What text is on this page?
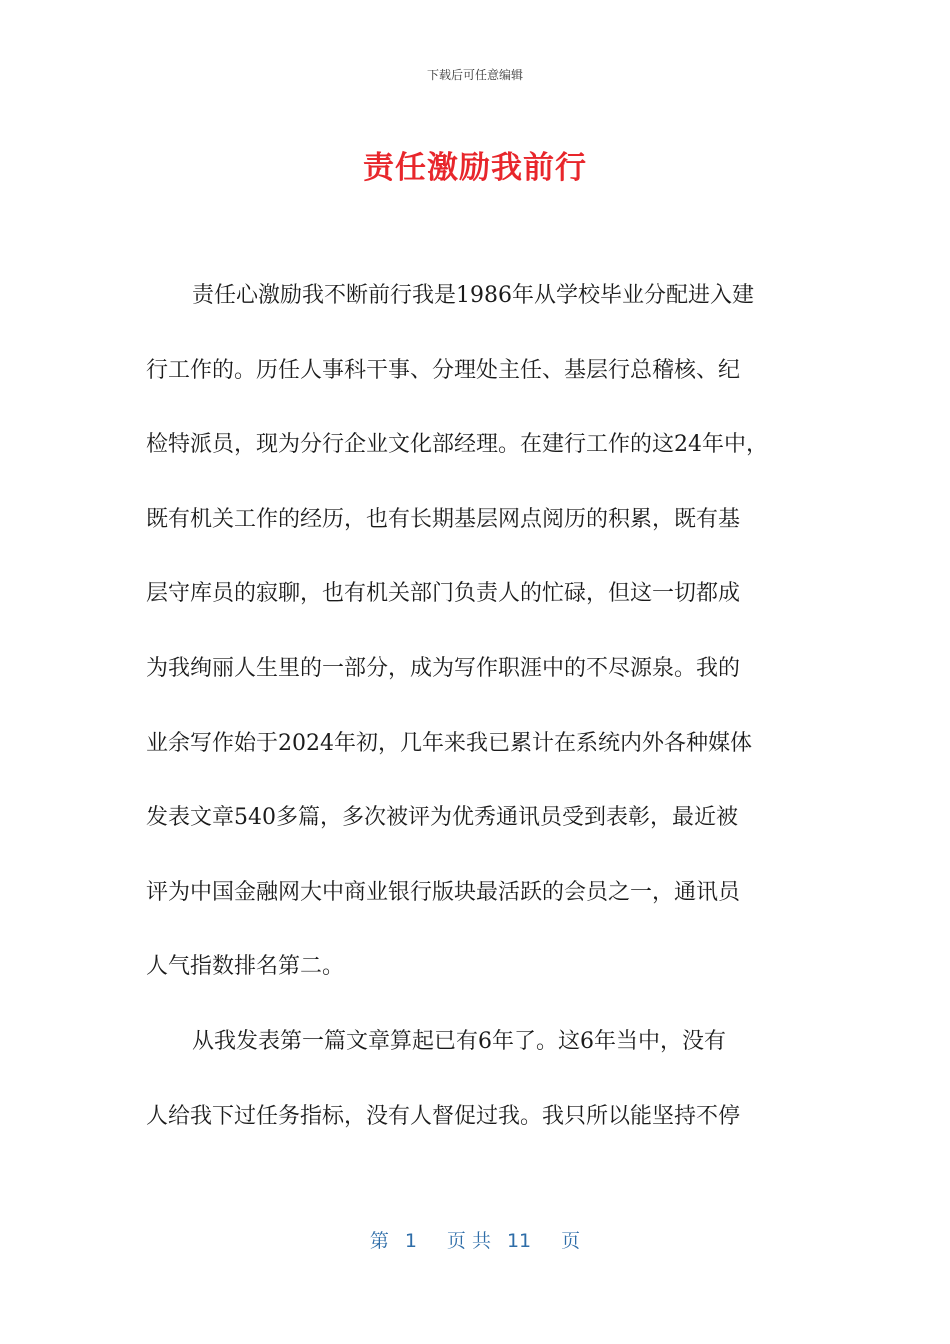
下载后可任意编辑
责任激励我前行
责任心激励我不断前行我是1986年从学校毕业分配进入建
行工作的。历任人事科干事、分理处主任、基层行总稽核、纪
检特派员，现为分行企业文化部经理。在建行工作的这24年中，
既有机关工作的经历，也有长期基层网点阅历的积累，既有基
层守库员的寂聊，也有机关部门负责人的忙碌，但这一切都成
为我绚丽人生里的一部分，成为写作职涯中的不尽源泉。我的
业余写作始于2024年初，几年来我已累计在系统内外各种媒体
发表文章540多篇，多次被评为优秀通讯员受到表彰，最近被
评为中国金融网大中商业银行版块最活跃的会员之一，通讯员
人气指数排名第二。
从我发表第一篇文章算起已有6年了。这6年当中，没有
人给我下过任务指标，没有人督促过我。我只所以能坚持不停
第 1 页 共 11 页
